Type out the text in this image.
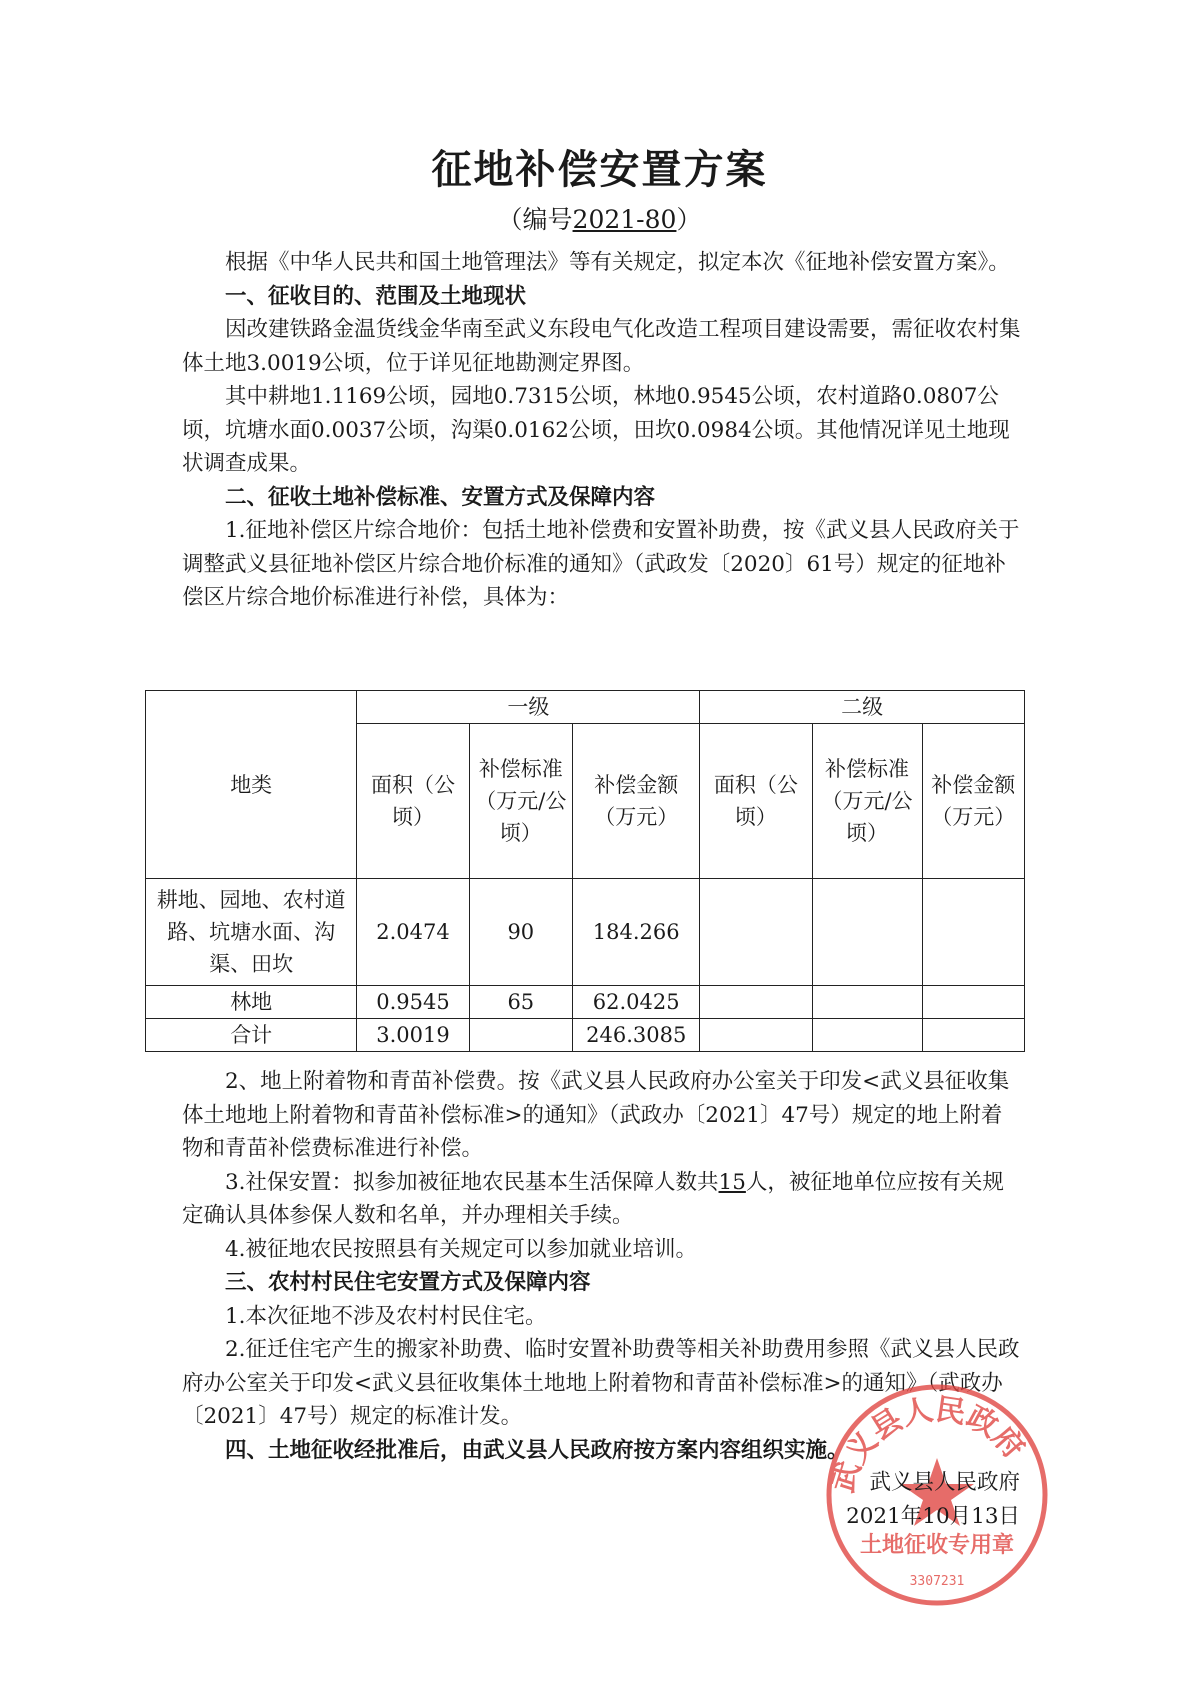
征地补偿安置方案
（编号2021-80）

根据《中华人民共和国土地管理法》等有关规定，拟定本次《征地补偿安置方案》。

一、征收目的、范围及土地现状

因改建铁路金温货线金华南至武义东段电气化改造工程项目建设需要，需征收农村集体土地3.0019公顷，位于详见征地勘测定界图。

其中耕地1.1169公顷，园地0.7315公顷，林地0.9545公顷，农村道路0.0807公顷，坑塘水面0.0037公顷，沟渠0.0162公顷，田坎0.0984公顷。其他情况详见土地现状调查成果。

二、征收土地补偿标准、安置方式及保障内容

1.征地补偿区片综合地价：包括土地补偿费和安置补助费，按《武义县人民政府关于调整武义县征地补偿区片综合地价标准的通知》（武政发〔2020〕61号）规定的征地补偿区片综合地价标准进行补偿，具体为：

地类	一级			二级		
	面积（公顷）	补偿标准（万元/公顷）	补偿金额（万元）	面积（公顷）	补偿标准（万元/公顷）	补偿金额（万元）
耕地、园地、农村道路、坑塘水面、沟渠、田坎	2.0474	90	184.266			
林地	0.9545	65	62.0425			
合计	3.0019		246.3085			

2、地上附着物和青苗补偿费。按《武义县人民政府办公室关于印发<武义县征收集体土地地上附着物和青苗补偿标准>的通知》（武政办〔2021〕47号）规定的地上附着物和青苗补偿费标准进行补偿。

3.社保安置：拟参加被征地农民基本生活保障人数共15人，被征地单位应按有关规定确认具体参保人数和名单，并办理相关手续。

4.被征地农民按照县有关规定可以参加就业培训。

三、农村村民住宅安置方式及保障内容

1.本次征地不涉及农村村民住宅。

2.征迁住宅产生的搬家补助费、临时安置补助费等相关补助费用参照《武义县人民政府办公室关于印发<武义县征收集体土地地上附着物和青苗补偿标准>的通知》（武政办〔2021〕47号）规定的标准计发。

四、土地征收经批准后，由武义县人民政府按方案内容组织实施。

武义县人民政府
土地征收专用章
3307231
武义县人民政府
2021年10月13日
